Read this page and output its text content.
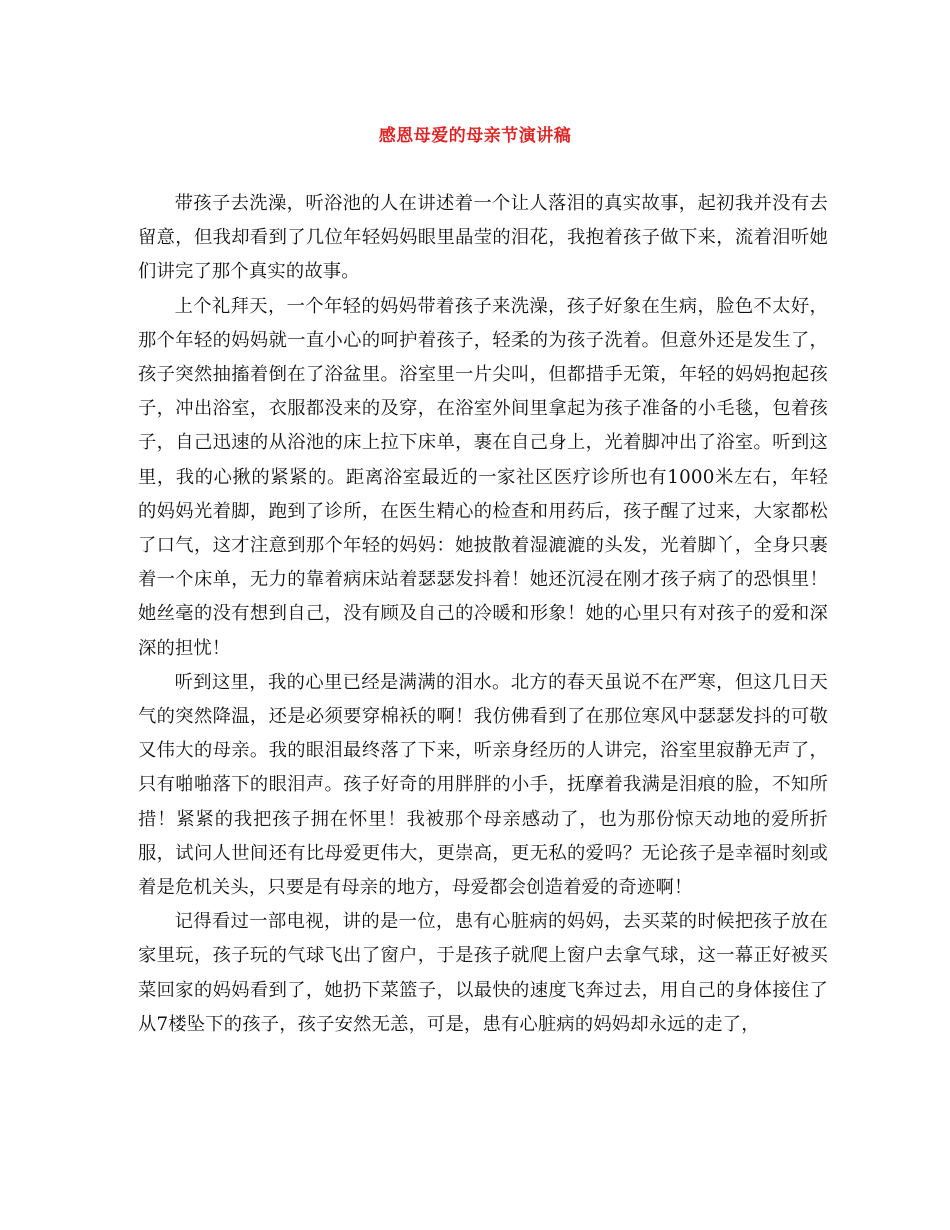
感恩母爱的母亲节演讲稿

带孩子去洗澡，听浴池的人在讲述着一个让人落泪的真实故事，起初我并没有去留意，但我却看到了几位年轻妈妈眼里晶莹的泪花，我抱着孩子做下来，流着泪听她们讲完了那个真实的故事。

上个礼拜天，一个年轻的妈妈带着孩子来洗澡，孩子好象在生病，脸色不太好，那个年轻的妈妈就一直小心的呵护着孩子，轻柔的为孩子洗着。但意外还是发生了，孩子突然抽搐着倒在了浴盆里。浴室里一片尖叫，但都措手无策，年轻的妈妈抱起孩子，冲出浴室，衣服都没来的及穿，在浴室外间里拿起为孩子准备的小毛毯，包着孩子，自己迅速的从浴池的床上拉下床单，裹在自己身上，光着脚冲出了浴室。听到这里，我的心揪的紧紧的。距离浴室最近的一家社区医疗诊所也有1000米左右，年轻的妈妈光着脚，跑到了诊所，在医生精心的检查和用药后，孩子醒了过来，大家都松了口气，这才注意到那个年轻的妈妈：她披散着湿漉漉的头发，光着脚丫，全身只裹着一个床单，无力的靠着病床站着瑟瑟发抖着！她还沉浸在刚才孩子病了的恐惧里！她丝毫的没有想到自己，没有顾及自己的冷暖和形象！她的心里只有对孩子的爱和深深的担忧！

听到这里，我的心里已经是满满的泪水。北方的春天虽说不在严寒，但这几日天气的突然降温，还是必须要穿棉袄的啊！我仿佛看到了在那位寒风中瑟瑟发抖的可敬又伟大的母亲。我的眼泪最终落了下来，听亲身经历的人讲完，浴室里寂静无声了，只有啪啪落下的眼泪声。孩子好奇的用胖胖的小手，抚摩着我满是泪痕的脸，不知所措！紧紧的我把孩子拥在怀里！我被那个母亲感动了，也为那份惊天动地的爱所折服，试问人世间还有比母爱更伟大，更崇高，更无私的爱吗？无论孩子是幸福时刻或着是危机关头，只要是有母亲的地方，母爱都会创造着爱的奇迹啊！

记得看过一部电视，讲的是一位，患有心脏病的妈妈，去买菜的时候把孩子放在家里玩，孩子玩的气球飞出了窗户，于是孩子就爬上窗户去拿气球，这一幕正好被买菜回家的妈妈看到了，她扔下菜篮子，以最快的速度飞奔过去，用自己的身体接住了从7楼坠下的孩子，孩子安然无恙，可是，患有心脏病的妈妈却永远的走了，
